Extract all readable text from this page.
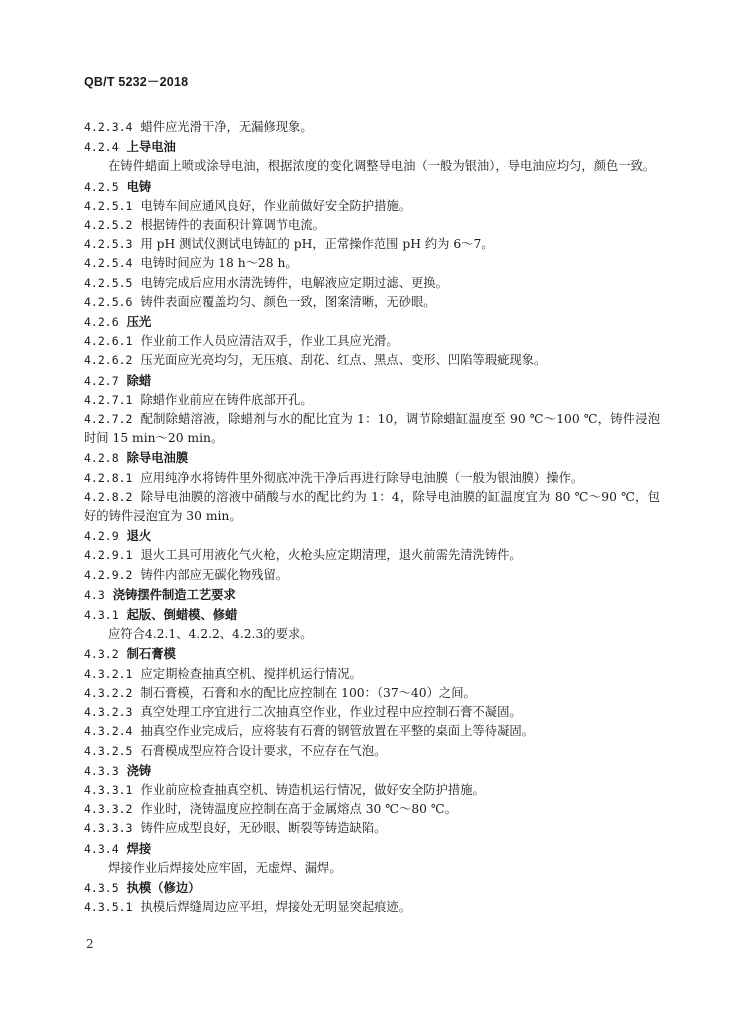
QB/T 5232－2018
4.2.3.4 蜡件应光滑干净，无漏修现象。
4.2.4 上导电油
在铸件蜡面上喷或涂导电油，根据浓度的变化调整导电油（一般为银油），导电油应均匀，颜色一致。
4.2.5 电铸
4.2.5.1 电铸车间应通风良好，作业前做好安全防护措施。
4.2.5.2 根据铸件的表面积计算调节电流。
4.2.5.3 用 pH 测试仪测试电铸缸的 pH，正常操作范围 pH 约为 6～7。
4.2.5.4 电铸时间应为 18 h～28 h。
4.2.5.5 电铸完成后应用水清洗铸件，电解液应定期过滤、更换。
4.2.5.6 铸件表面应覆盖均匀、颜色一致，图案清晰，无砂眼。
4.2.6 压光
4.2.6.1 作业前工作人员应清洁双手，作业工具应光滑。
4.2.6.2 压光面应光亮均匀，无压痕、刮花、红点、黑点、变形、凹陷等瑕疵现象。
4.2.7 除蜡
4.2.7.1 除蜡作业前应在铸件底部开孔。
4.2.7.2 配制除蜡溶液，除蜡剂与水的配比宜为 1：10，调节除蜡缸温度至 90 ℃～100 ℃，铸件浸泡时间 15 min～20 min。
4.2.8 除导电油膜
4.2.8.1 应用纯净水将铸件里外彻底冲洗干净后再进行除导电油膜（一般为银油膜）操作。
4.2.8.2 除导电油膜的溶液中硝酸与水的配比约为 1：4，除导电油膜的缸温度宜为 80 ℃～90 ℃，包好的铸件浸泡宜为 30 min。
4.2.9 退火
4.2.9.1 退火工具可用液化气火枪，火枪头应定期清理，退火前需先清洗铸件。
4.2.9.2 铸件内部应无碳化物残留。
4.3 浇铸摆件制造工艺要求
4.3.1 起版、倒蜡模、修蜡
应符合4.2.1、4.2.2、4.2.3的要求。
4.3.2 制石膏模
4.3.2.1 应定期检查抽真空机、搅拌机运行情况。
4.3.2.2 制石膏模，石膏和水的配比应控制在 100：（37～40）之间。
4.3.2.3 真空处理工序宜进行二次抽真空作业，作业过程中应控制石膏不凝固。
4.3.2.4 抽真空作业完成后，应将装有石膏的钢管放置在平整的桌面上等待凝固。
4.3.2.5 石膏模成型应符合设计要求，不应存在气泡。
4.3.3 浇铸
4.3.3.1 作业前应检查抽真空机、铸造机运行情况，做好安全防护措施。
4.3.3.2 作业时，浇铸温度应控制在高于金属熔点 30 ℃～80 ℃。
4.3.3.3 铸件应成型良好，无砂眼、断裂等铸造缺陷。
4.3.4 焊接
焊接作业后焊接处应牢固，无虚焊、漏焊。
4.3.5 执模（修边）
4.3.5.1 执模后焊缝周边应平坦，焊接处无明显突起痕迹。
2
